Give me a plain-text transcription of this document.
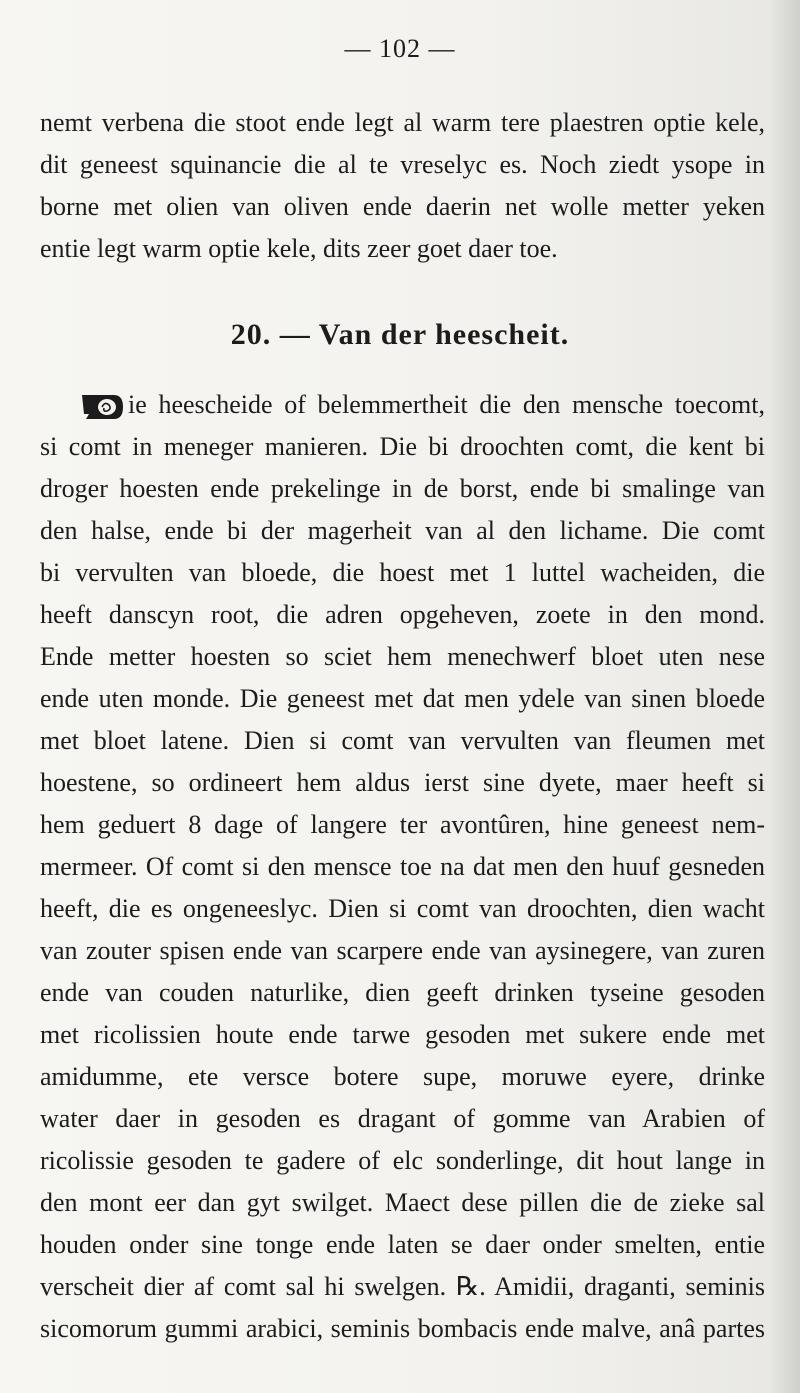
— 102 —
nemt verbena die stoot ende legt al warm tere plaestren optie kele,
dit geneest squinancie die al te vreselyc es. Noch ziedt ysope in
borne met olien van oliven ende daerin net wolle metter yeken
entie legt warm optie kele, dits zeer goet daer toe.
20. — Van der heescheit.
ie heescheide of belemmertheit die den mensche toecomt,
si comt in meneger manieren. Die bi droochten comt, die kent bi
droger hoesten ende prekelinge in de borst, ende bi smalinge van
den halse, ende bi der magerheit van al den lichame. Die comt
bi vervulten van bloede, die hoest met 1 luttel wacheiden, die
heeft danscyn root, die adren opgeheven, zoete in den mond.
Ende metter hoesten so sciet hem menechwerf bloet uten nese
ende uten monde. Die geneest met dat men ydele van sinen bloede
met bloet latene. Dien si comt van vervulten van fleumen met
hoestene, so ordineert hem aldus ierst sine dyete, maer heeft si
hem geduert 8 dage of langere ter avontûren, hine geneest nem-
mermeer. Of comt si den mensce toe na dat men den huuf gesneden
heeft, die es ongeneeslyc. Dien si comt van droochten, dien wacht
van zouter spisen ende van scarpere ende van aysinegere, van zuren
ende van couden naturlike, dien geeft drinken tyseine gesoden
met ricolissien houte ende tarwe gesoden met sukere ende met
amidumme, ete versce botere supe, moruwe eyere, drinke
water daer in gesoden es dragant of gomme van Arabien of
ricolissie gesoden te gadere of elc sonderlinge, dit hout lange in
den mont eer dan gyt swilget. Maect dese pillen die de zieke sal
houden onder sine tonge ende laten se daer onder smelten, entie
verscheit dier af comt sal hi swelgen. ℞. Amidii, draganti, seminis
sicomorum gummi arabici, seminis bombacis ende malve, anâ partes
